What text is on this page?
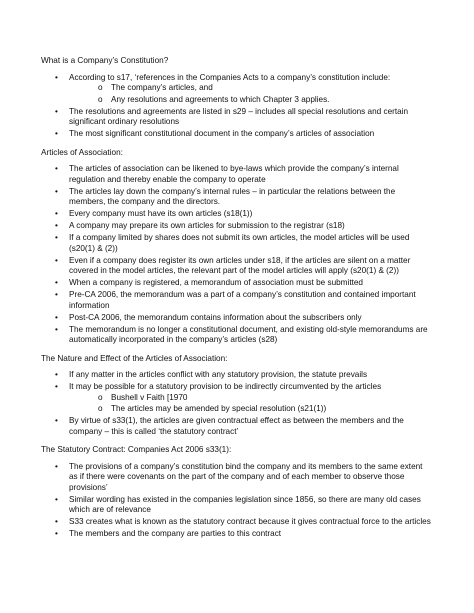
What is a Company’s Constitution?

• According to s17, ‘references in the Companies Acts to a company’s constitution include:
o The company’s articles, and
o Any resolutions and agreements to which Chapter 3 applies.
• The resolutions and agreements are listed in s29 – includes all special resolutions and certain significant ordinary resolutions
• The most significant constitutional document in the company’s articles of association

Articles of Association:

• The articles of association can be likened to bye-laws which provide the company’s internal regulation and thereby enable the company to operate
• The articles lay down the company’s internal rules – in particular the relations between the members, the company and the directors.
• Every company must have its own articles (s18(1))
• A company may prepare its own articles for submission to the registrar (s18)
• If a company limited by shares does not submit its own articles, the model articles will be used (s20(1) & (2))
• Even if a company does register its own articles under s18, if the articles are silent on a matter covered in the model articles, the relevant part of the model articles will apply (s20(1) & (2))
• When a company is registered, a memorandum of association must be submitted
• Pre-CA 2006, the memorandum was a part of a company’s constitution and contained important information
• Post-CA 2006, the memorandum contains information about the subscribers only
• The memorandum is no longer a constitutional document, and existing old-style memorandums are automatically incorporated in the company’s articles (s28)

The Nature and Effect of the Articles of Association:

• If any matter in the articles conflict with any statutory provision, the statute prevails
• It may be possible for a statutory provision to be indirectly circumvented by the articles
o Bushell v Faith [1970
o The articles may be amended by special resolution (s21(1))
• By virtue of s33(1), the articles are given contractual effect as between the members and the company – this is called ‘the statutory contract’

The Statutory Contract: Companies Act 2006 s33(1):

• The provisions of a company’s constitution bind the company and its members to the same extent as if there were covenants on the part of the company and of each member to observe those provisions’
• Similar wording has existed in the companies legislation since 1856, so there are many old cases which are of relevance
• S33 creates what is known as the statutory contract because it gives contractual force to the articles
• The members and the company are parties to this contract
